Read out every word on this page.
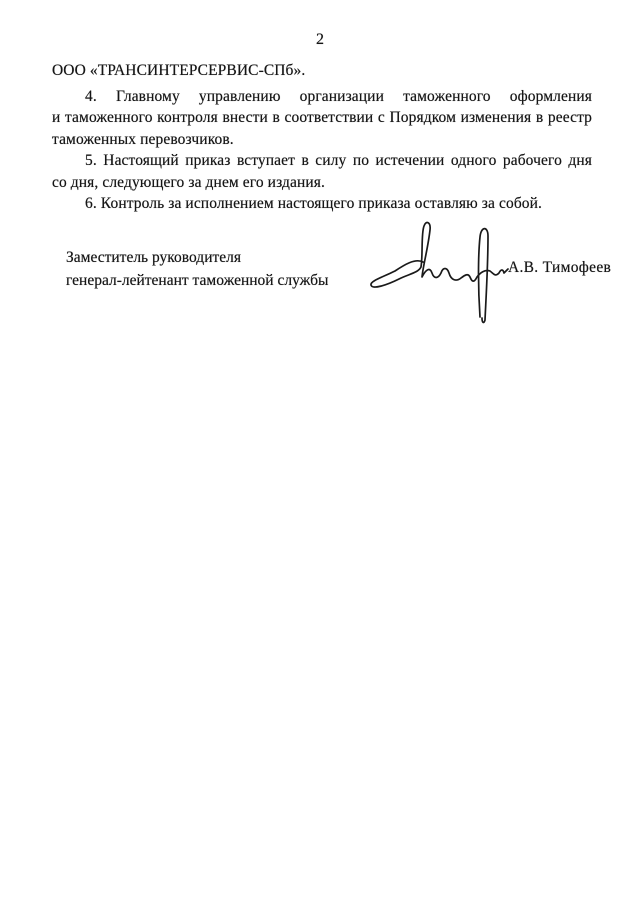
2
ООО «ТРАНСИНТЕРСЕРВИС-СПб».
4. Главному управлению организации таможенного оформления
и таможенного контроля внести в соответствии с Порядком изменения в реестр
таможенных перевозчиков.
5. Настоящий приказ вступает в силу по истечении одного рабочего дня
со дня, следующего за днем его издания.
6. Контроль за исполнением настоящего приказа оставляю за собой.
Заместитель руководителя
генерал-лейтенант таможенной службы
А.В. Тимофеев
